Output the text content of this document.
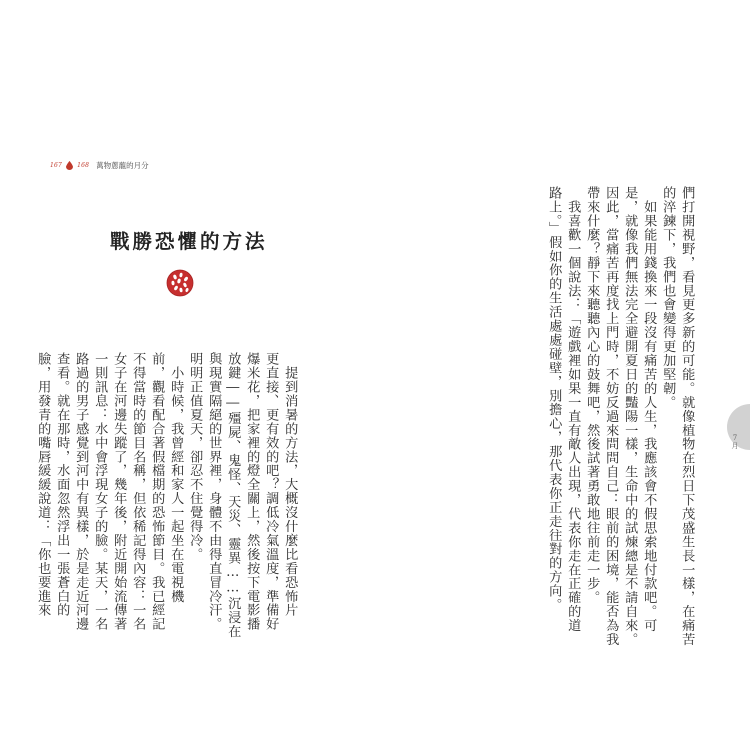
167	168 萬物蔥蘢的月分
戰勝恐懼的方法
　提到消暑的方法，大概沒什麼比看恐怖片
更直接、更有效的吧？調低冷氣溫度，準備好
爆米花，把家裡的燈全關上，然後按下電影播
放鍵――殭屍、鬼怪、天災、靈異……沉浸在
與現實隔絕的世界裡，身體不由得直冒冷汗。
明明正值夏天，卻忍不住覺得冷。
　小時候，我曾經和家人一起坐在電視機
前，觀看配合著假檔期的恐怖節目。我已經記
不得當時的節目名稱，但依稀記得內容：一名
女子在河邊失蹤了，幾年後，附近開始流傳著
一則訊息：水中會浮現女子的臉。某天，一名
路過的男子感覺到河中有異樣，於是走近河邊
查看。就在那時，水面忽然浮出一張蒼白的
臉，用發青的嘴唇緩緩說道：「你也要進來	們打開視野，看見更多新的可能。就像植物在烈日下茂盛生長一樣，在痛苦
的淬鍊下，我們也會變得更加堅韌。
　如果能用錢換來一段沒有痛苦的人生，我應該會不假思索地付款吧。可
是，就像我們無法完全避開夏日的豔陽一樣，生命中的試煉總是不請自來。
因此，當痛苦再度找上門時，不妨反過來問問自己：眼前的困境，能否為我
帶來什麼？靜下來聽聽內心的鼓舞吧，然後試著勇敢地往前走一步。
　我喜歡一個說法：「遊戲裡如果一直有敵人出現，代表你走在正確的道
路上。」假如你的生活處處碰壁，別擔心，那代表你正走往對的方向。	7月
